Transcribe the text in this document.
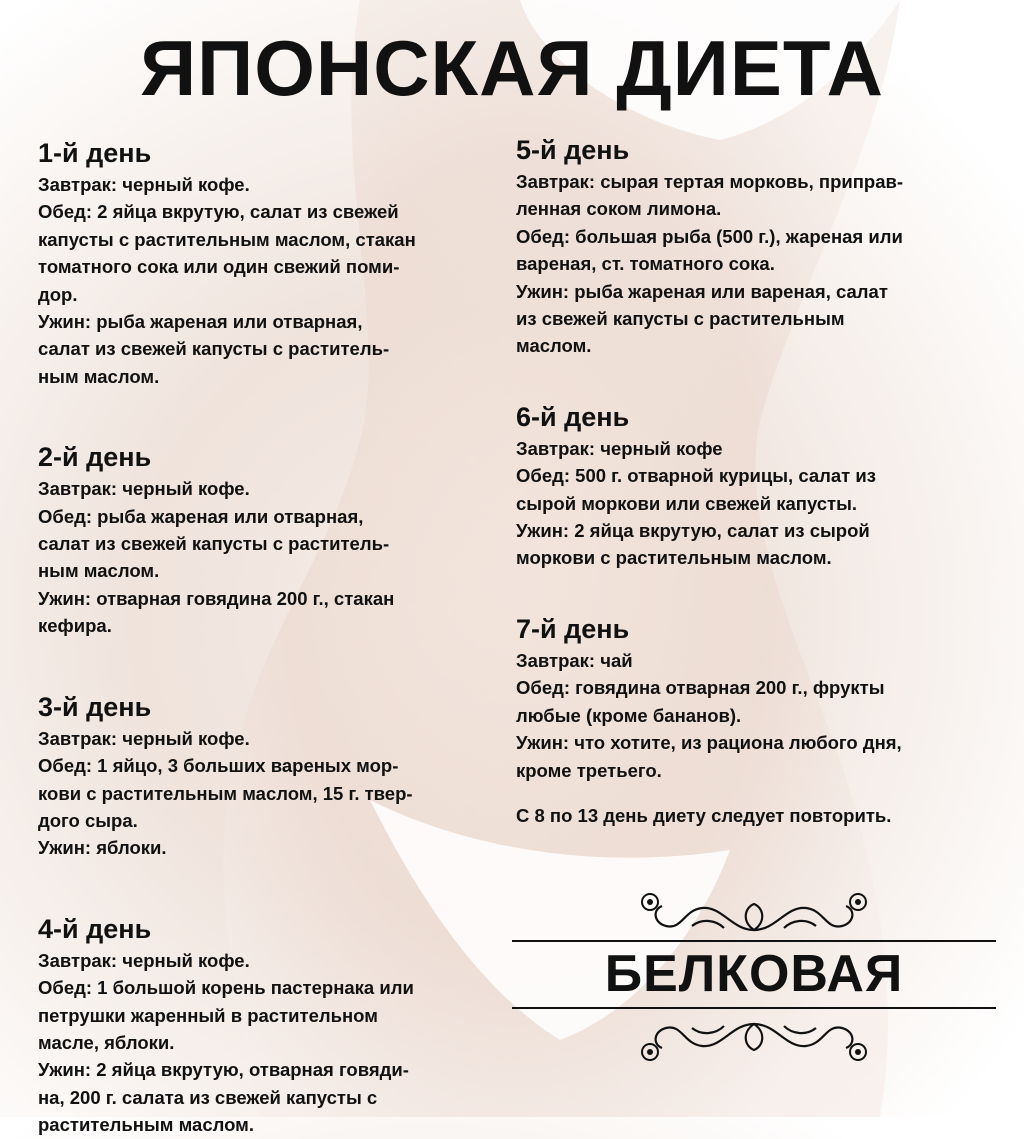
ЯПОНСКАЯ ДИЕТА
1-й день
Завтрак: черный кофе.
Обед: 2 яйца вкрутую, салат из свежей
капусты с растительным маслом, стакан
томатного сока или один свежий поми-
дор.
Ужин: рыба жареная или отварная,
салат из свежей капусты с раститель-
ным маслом.
2-й день
Завтрак: черный кофе.
Обед: рыба жареная или отварная,
салат из свежей капусты с раститель-
ным маслом.
Ужин: отварная говядина 200 г., стакан
кефира.
3-й день
Завтрак: черный кофе.
Обед: 1 яйцо, 3 больших вареных мор-
кови с растительным маслом, 15 г. твер-
дого сыра.
Ужин: яблоки.
4-й день
Завтрак: черный кофе.
Обед: 1 большой корень пастернака или
петрушки жаренный в растительном
масле, яблоки.
Ужин: 2 яйца вкрутую, отварная говяди-
на, 200 г. салата из свежей капусты с
растительным маслом.
5-й день
Завтрак: сырая тертая морковь, приправ-
ленная соком лимона.
Обед: большая рыба (500 г.), жареная или
вареная, ст. томатного сока.
Ужин: рыба жареная или вареная, салат
из свежей капусты с растительным
маслом.
6-й день
Завтрак: черный кофе
Обед: 500 г. отварной курицы, салат из
сырой моркови или свежей капусты.
Ужин: 2 яйца вкрутую, салат из сырой
моркови с растительным маслом.
7-й день
Завтрак: чай
Обед: говядина отварная 200 г., фрукты
любые (кроме бананов).
Ужин: что хотите, из рациона любого дня,
кроме третьего.
С 8 по 13 день диету следует повторить.
БЕЛКОВАЯ
